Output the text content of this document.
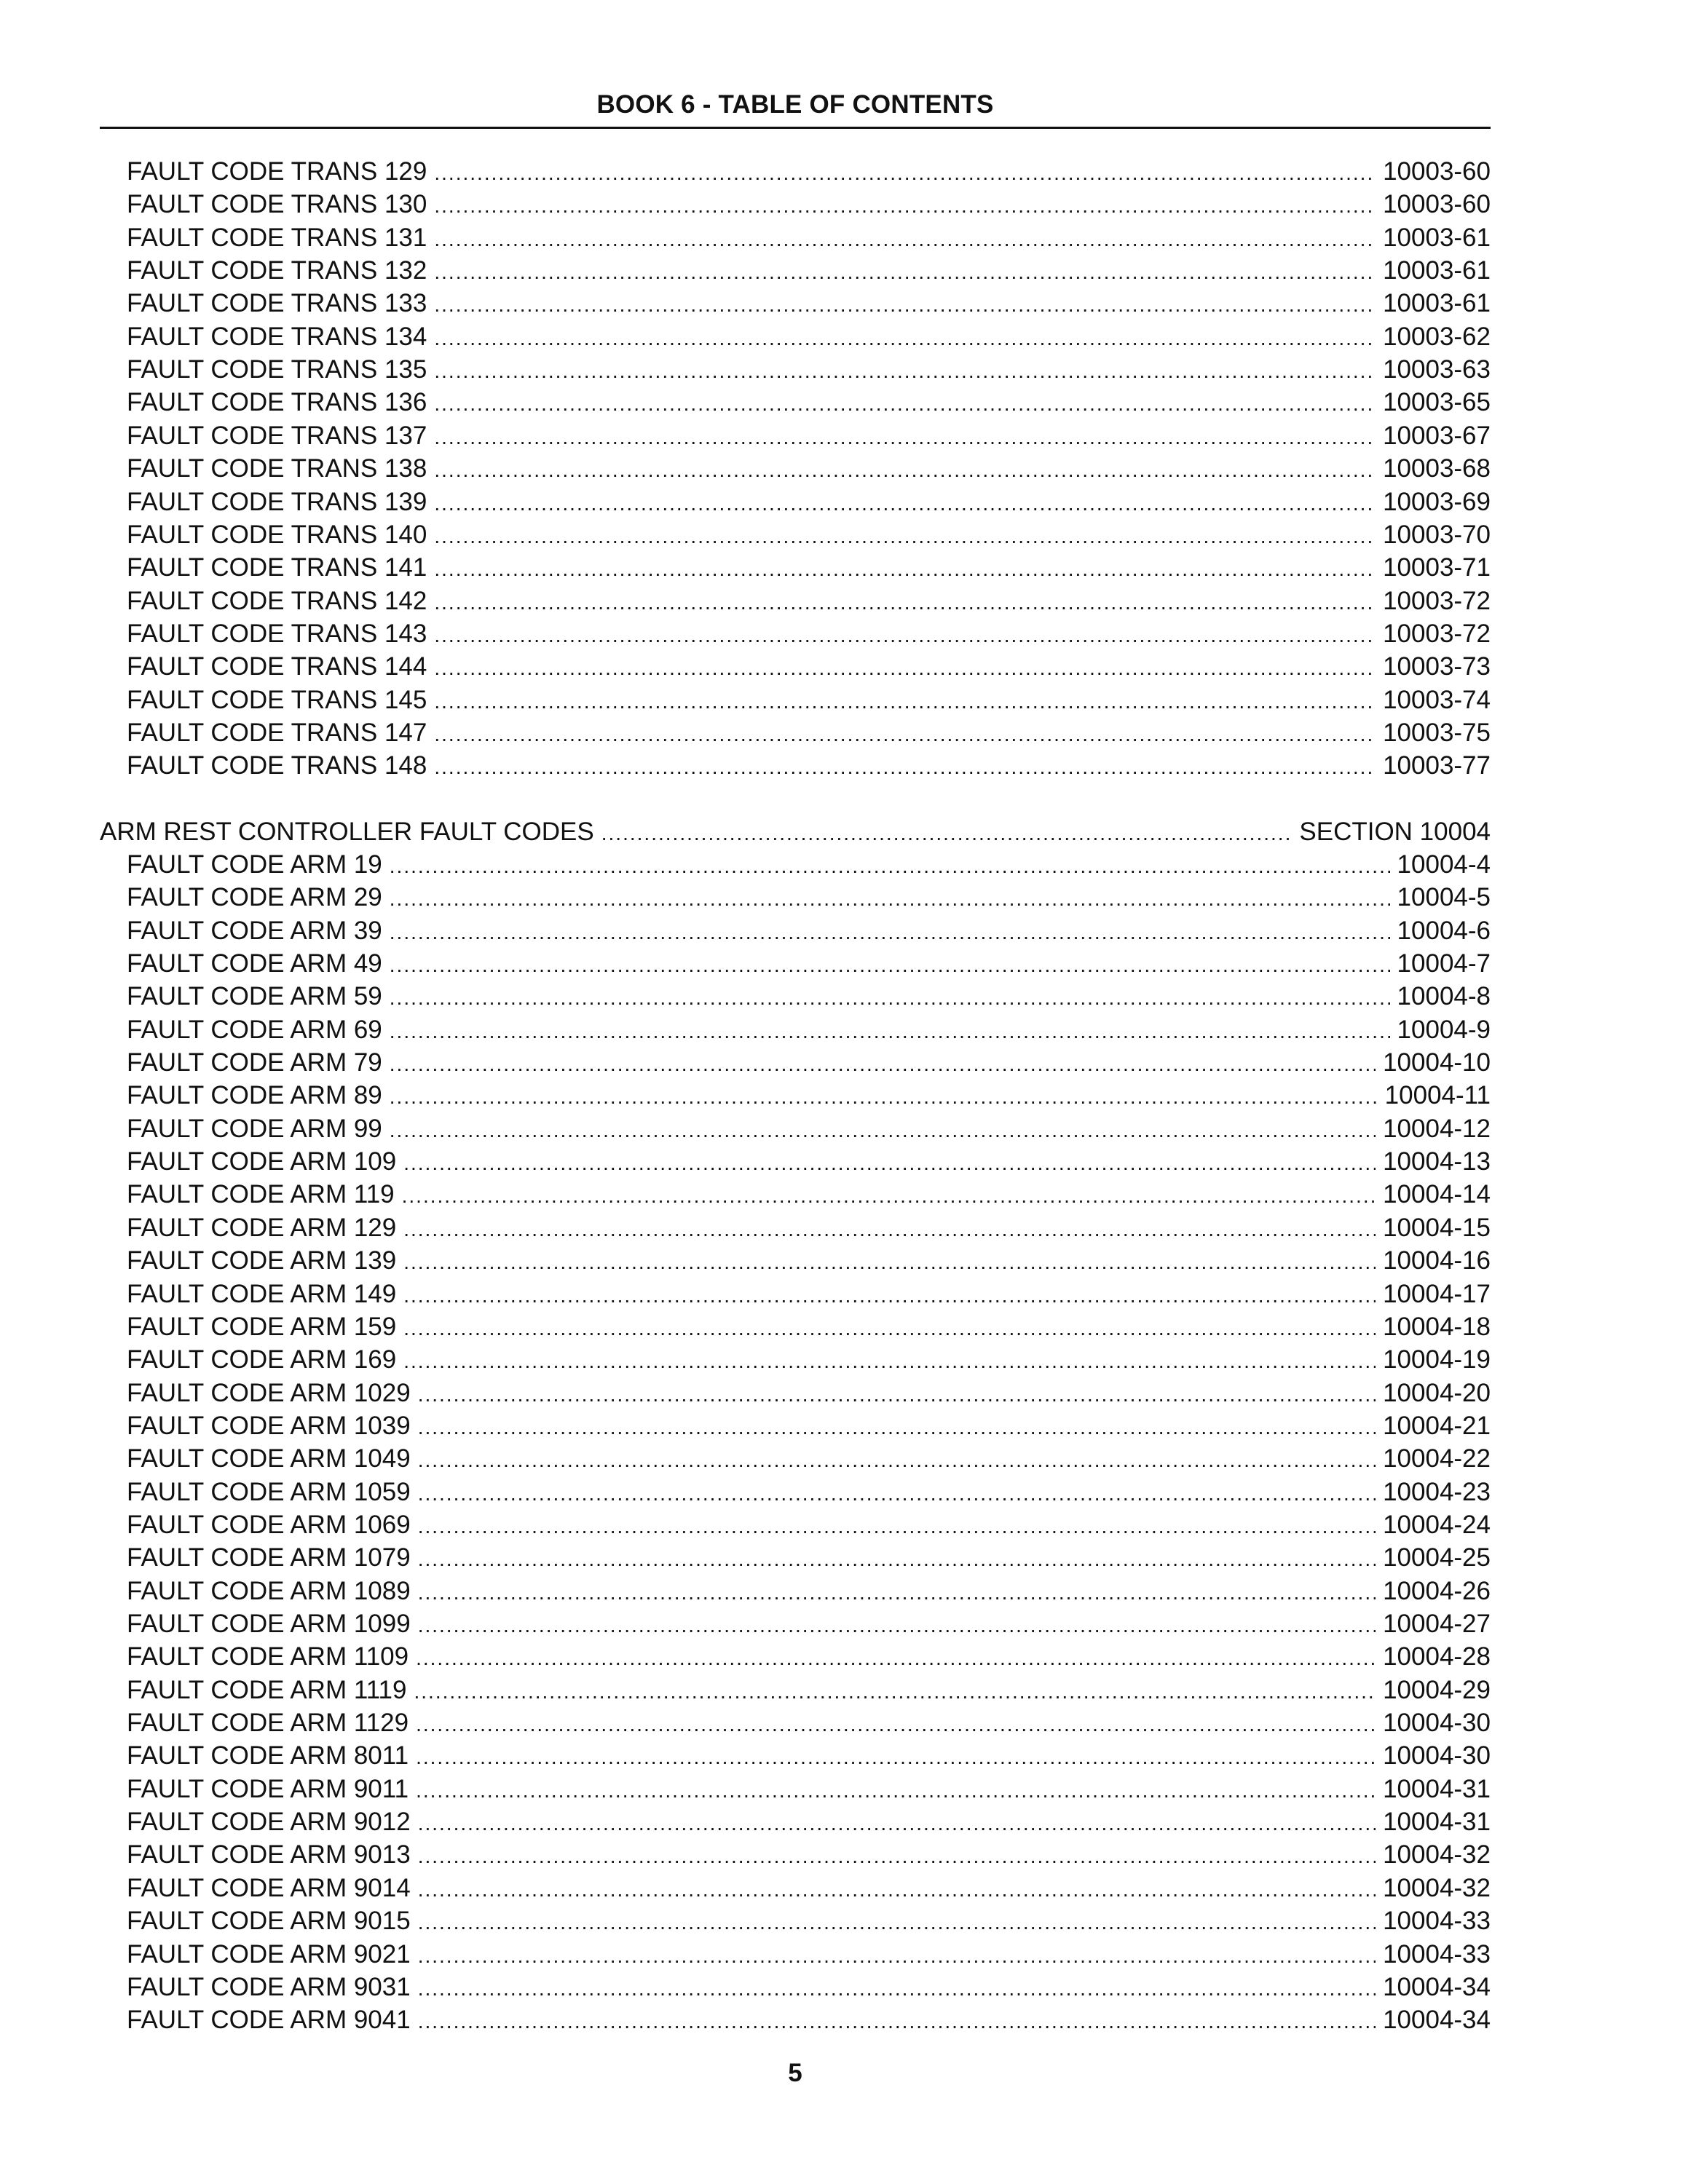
BOOK 6 - TABLE OF CONTENTS
FAULT CODE TRANS 129 .....	10003-60
FAULT CODE TRANS 130 .....	10003-60
FAULT CODE TRANS 131 .....	10003-61
FAULT CODE TRANS 132 .....	10003-61
FAULT CODE TRANS 133 .....	10003-61
FAULT CODE TRANS 134 .....	10003-62
FAULT CODE TRANS 135 .....	10003-63
FAULT CODE TRANS 136 .....	10003-65
FAULT CODE TRANS 137 .....	10003-67
FAULT CODE TRANS 138 .....	10003-68
FAULT CODE TRANS 139 .....	10003-69
FAULT CODE TRANS 140 .....	10003-70
FAULT CODE TRANS 141 .....	10003-71
FAULT CODE TRANS 142 .....	10003-72
FAULT CODE TRANS 143 .....	10003-72
FAULT CODE TRANS 144 .....	10003-73
FAULT CODE TRANS 145 .....	10003-74
FAULT CODE TRANS 147 .....	10003-75
FAULT CODE TRANS 148 .....	10003-77
ARM REST CONTROLLER FAULT CODES .....	SECTION 10004
FAULT CODE ARM 19 .....	10004-4
FAULT CODE ARM 29 .....	10004-5
FAULT CODE ARM 39 .....	10004-6
FAULT CODE ARM 49 .....	10004-7
FAULT CODE ARM 59 .....	10004-8
FAULT CODE ARM 69 .....	10004-9
FAULT CODE ARM 79 .....	10004-10
FAULT CODE ARM 89 .....	10004-11
FAULT CODE ARM 99 .....	10004-12
FAULT CODE ARM 109 .....	10004-13
FAULT CODE ARM 119 .....	10004-14
FAULT CODE ARM 129 .....	10004-15
FAULT CODE ARM 139 .....	10004-16
FAULT CODE ARM 149 .....	10004-17
FAULT CODE ARM 159 .....	10004-18
FAULT CODE ARM 169 .....	10004-19
FAULT CODE ARM 1029 .....	10004-20
FAULT CODE ARM 1039 .....	10004-21
FAULT CODE ARM 1049 .....	10004-22
FAULT CODE ARM 1059 .....	10004-23
FAULT CODE ARM 1069 .....	10004-24
FAULT CODE ARM 1079 .....	10004-25
FAULT CODE ARM 1089 .....	10004-26
FAULT CODE ARM 1099 .....	10004-27
FAULT CODE ARM 1109 .....	10004-28
FAULT CODE ARM 1119 .....	10004-29
FAULT CODE ARM 1129 .....	10004-30
FAULT CODE ARM 8011 .....	10004-30
FAULT CODE ARM 9011 .....	10004-31
FAULT CODE ARM 9012 .....	10004-31
FAULT CODE ARM 9013 .....	10004-32
FAULT CODE ARM 9014 .....	10004-32
FAULT CODE ARM 9015 .....	10004-33
FAULT CODE ARM 9021 .....	10004-33
FAULT CODE ARM 9031 .....	10004-34
FAULT CODE ARM 9041 .....	10004-34
5
